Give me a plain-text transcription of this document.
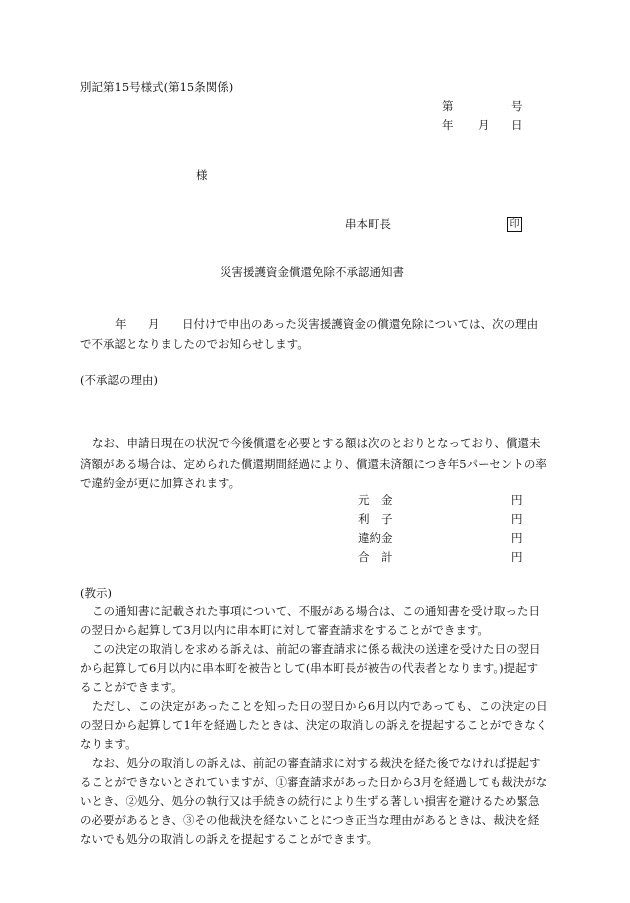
別記第15号様式(第15条関係)
第	号
年 月 日
様
串本町長	印
災害援護資金償還免除不承認通知書
年 月 日付けで申出のあった災害援護資金の償還免除については、次の理由
で不承認となりましたのでお知らせします。
(不承認の理由)
なお、申請日現在の状況で今後償還を必要とする額は次のとおりとなっており、償還未
済額がある場合は、定められた償還期間経過により、償還未済額につき年5パーセントの率
で違約金が更に加算されます。
元　金	円
利　子	円
違約金	円
合　計	円
(教示)
この通知書に記載された事項について、不服がある場合は、この通知書を受け取った日
の翌日から起算して3月以内に串本町に対して審査請求をすることができます。
この決定の取消しを求める訴えは、前記の審査請求に係る裁決の送達を受けた日の翌日
から起算して6月以内に串本町を被告として(串本町長が被告の代表者となります。)提起す
ることができます。
ただし、この決定があったことを知った日の翌日から6月以内であっても、この決定の日
の翌日から起算して1年を経過したときは、決定の取消しの訴えを提起することができなく
なります。
なお、処分の取消しの訴えは、前記の審査請求に対する裁決を経た後でなければ提起す
ることができないとされていますが、①審査請求があった日から3月を経過しても裁決がな
いとき、②処分、処分の執行又は手続きの続行により生ずる著しい損害を避けるため緊急
の必要があるとき、③その他裁決を経ないことにつき正当な理由があるときは、裁決を経
ないでも処分の取消しの訴えを提起することができます。
